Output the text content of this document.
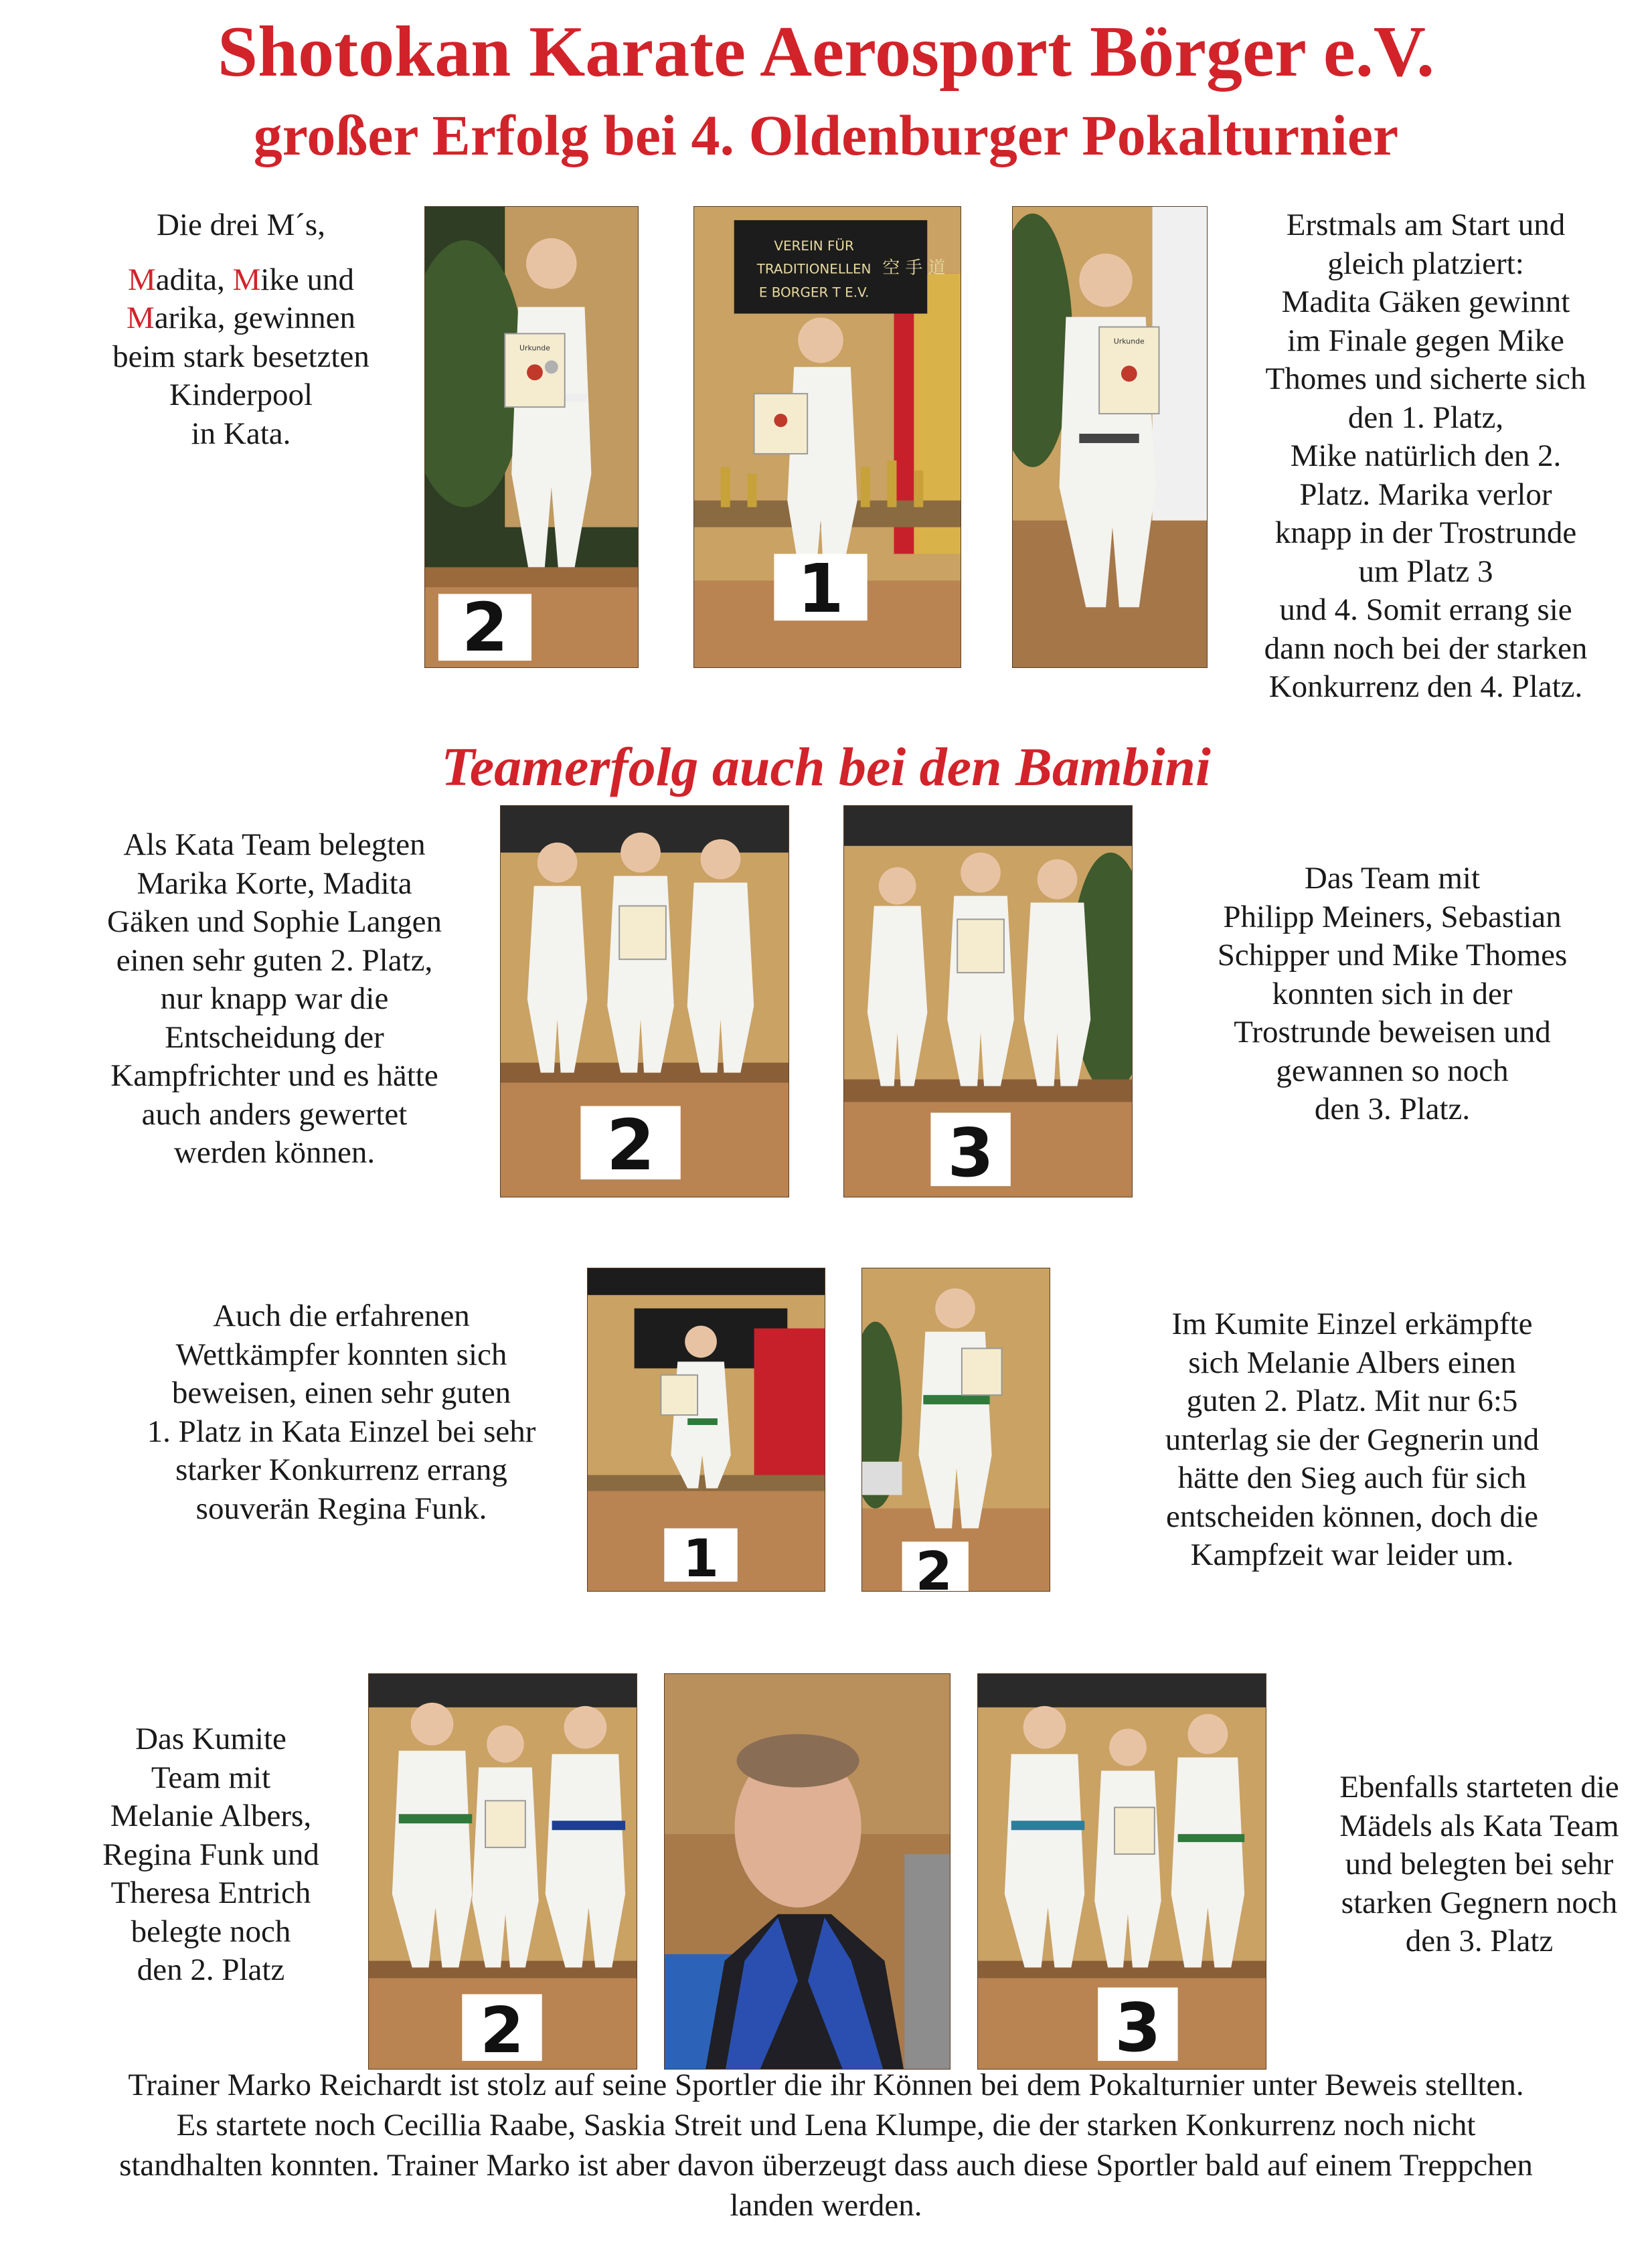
Shotokan Karate Aerosport Börger e.V.
großer Erfolg bei 4. Oldenburger Pokalturnier
Die drei M´s,
Madita, Mike und
Marika, gewinnen
beim stark besetzten
Kinderpool
in Kata.
Urkunde
2
VEREIN FÜR
TRADITIONELLEN
E BORGER T E.V.
空 手 道
1
Urkunde
Erstmals am Start und
gleich platziert:
Madita Gäken gewinnt
im Finale gegen Mike
Thomes und sicherte sich
den 1. Platz,
Mike natürlich den 2.
Platz. Marika verlor
knapp in der Trostrunde
um Platz 3
und 4. Somit errang sie
dann noch bei der starken
Konkurrenz den 4. Platz.
Teamerfolg auch bei den Bambini
Als Kata Team belegten
Marika Korte, Madita
Gäken und Sophie Langen
einen sehr guten 2. Platz,
nur knapp war die
Entscheidung der
Kampfrichter und es hätte
auch anders gewertet
werden können.	2	3
Das Team mit
Philipp Meiners, Sebastian
Schipper und Mike Thomes
konnten sich in der
Trostrunde beweisen und
gewannen so noch
den 3. Platz.
Auch die erfahrenen
Wettkämpfer konnten sich
beweisen, einen sehr guten
1. Platz in Kata Einzel bei sehr
starker Konkurrenz errang
souverän Regina Funk.
1	2
Im Kumite Einzel erkämpfte
sich Melanie Albers einen
guten 2. Platz. Mit nur 6:5
unterlag sie der Gegnerin und
hätte den Sieg auch für sich
entscheiden können, doch die
Kampfzeit war leider um.
Das Kumite
Team mit
Melanie Albers,
Regina Funk und
Theresa Entrich
belegte noch
den 2. Platz
2	3
Ebenfalls starteten die
Mädels als Kata Team
und belegten bei sehr
starken Gegnern noch
den 3. Platz
Trainer Marko Reichardt ist stolz auf seine Sportler die ihr Können bei dem Pokalturnier unter Beweis stellten.
Es startete noch Cecillia Raabe, Saskia Streit und Lena Klumpe, die der starken Konkurrenz noch nicht
standhalten konnten. Trainer Marko ist aber davon überzeugt dass auch diese Sportler bald auf einem Treppchen
landen werden.
